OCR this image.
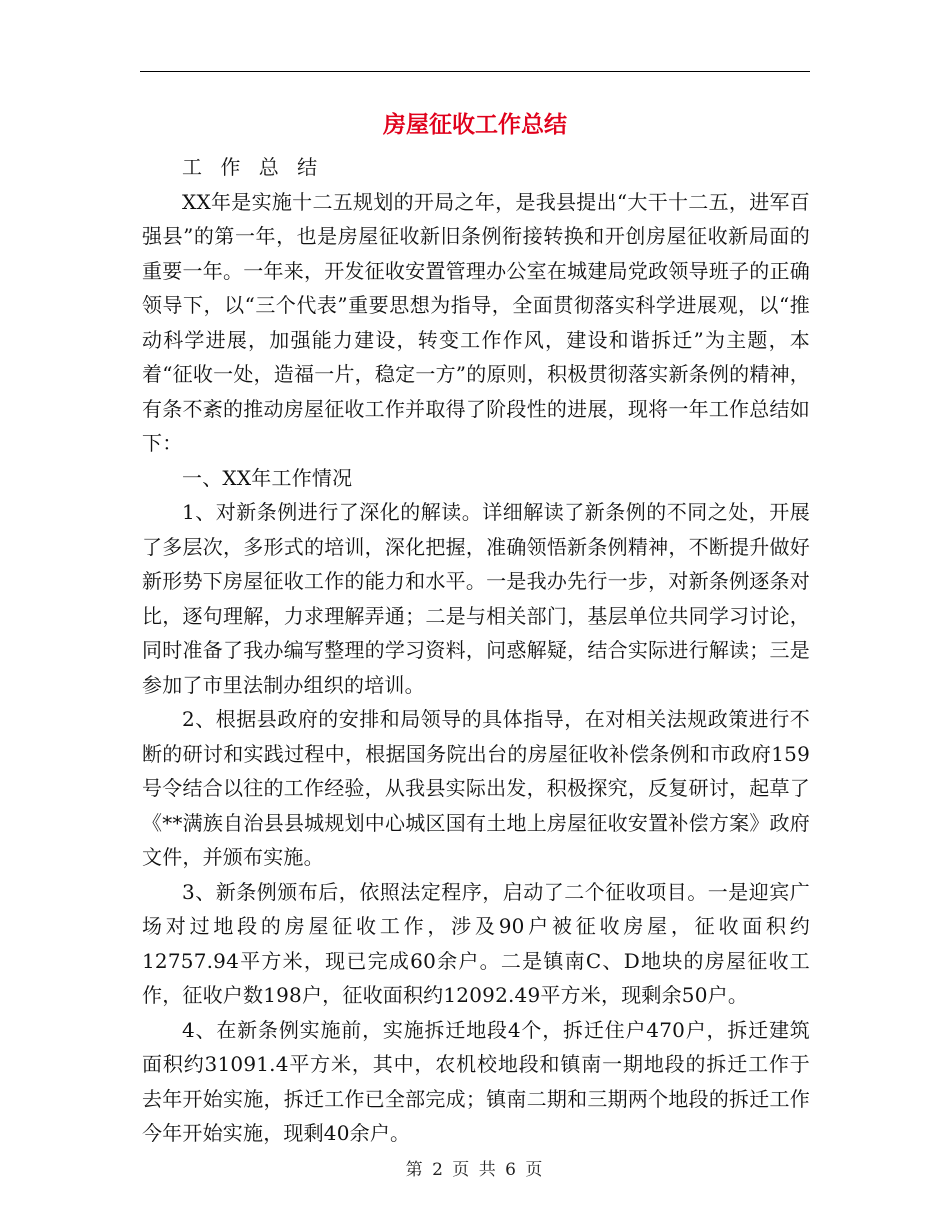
房屋征收工作总结

工 作 总 结

XX年是实施十二五规划的开局之年，是我县提出“大干十二五，进军百强县”的第一年，也是房屋征收新旧条例衔接转换和开创房屋征收新局面的重要一年。一年来，开发征收安置管理办公室在城建局党政领导班子的正确领导下，以“三个代表”重要思想为指导，全面贯彻落实科学进展观，以“推动科学进展，加强能力建设，转变工作作风，建设和谐拆迁”为主题，本着“征收一处，造福一片，稳定一方”的原则，积极贯彻落实新条例的精神，有条不紊的推动房屋征收工作并取得了阶段性的进展，现将一年工作总结如下：

一、XX年工作情况

1、对新条例进行了深化的解读。详细解读了新条例的不同之处，开展了多层次，多形式的培训，深化把握，准确领悟新条例精神，不断提升做好新形势下房屋征收工作的能力和水平。一是我办先行一步，对新条例逐条对比，逐句理解，力求理解弄通；二是与相关部门，基层单位共同学习讨论，同时准备了我办编写整理的学习资料，问惑解疑，结合实际进行解读；三是参加了市里法制办组织的培训。

2、根据县政府的安排和局领导的具体指导，在对相关法规政策进行不断的研讨和实践过程中，根据国务院出台的房屋征收补偿条例和市政府159号令结合以往的工作经验，从我县实际出发，积极探究，反复研讨，起草了《**满族自治县县城规划中心城区国有土地上房屋征收安置补偿方案》政府文件，并颁布实施。

3、新条例颁布后，依照法定程序，启动了二个征收项目。一是迎宾广场对过地段的房屋征收工作，涉及90户被征收房屋，征收面积约12757.94平方米，现已完成60余户。二是镇南C、D地块的房屋征收工作，征收户数198户，征收面积约12092.49平方米，现剩余50户。

4、在新条例实施前，实施拆迁地段4个，拆迁住户470户，拆迁建筑面积约31091.4平方米，其中，农机校地段和镇南一期地段的拆迁工作于去年开始实施，拆迁工作已全部完成；镇南二期和三期两个地段的拆迁工作今年开始实施，现剩40余户。

第 2 页 共 6 页
